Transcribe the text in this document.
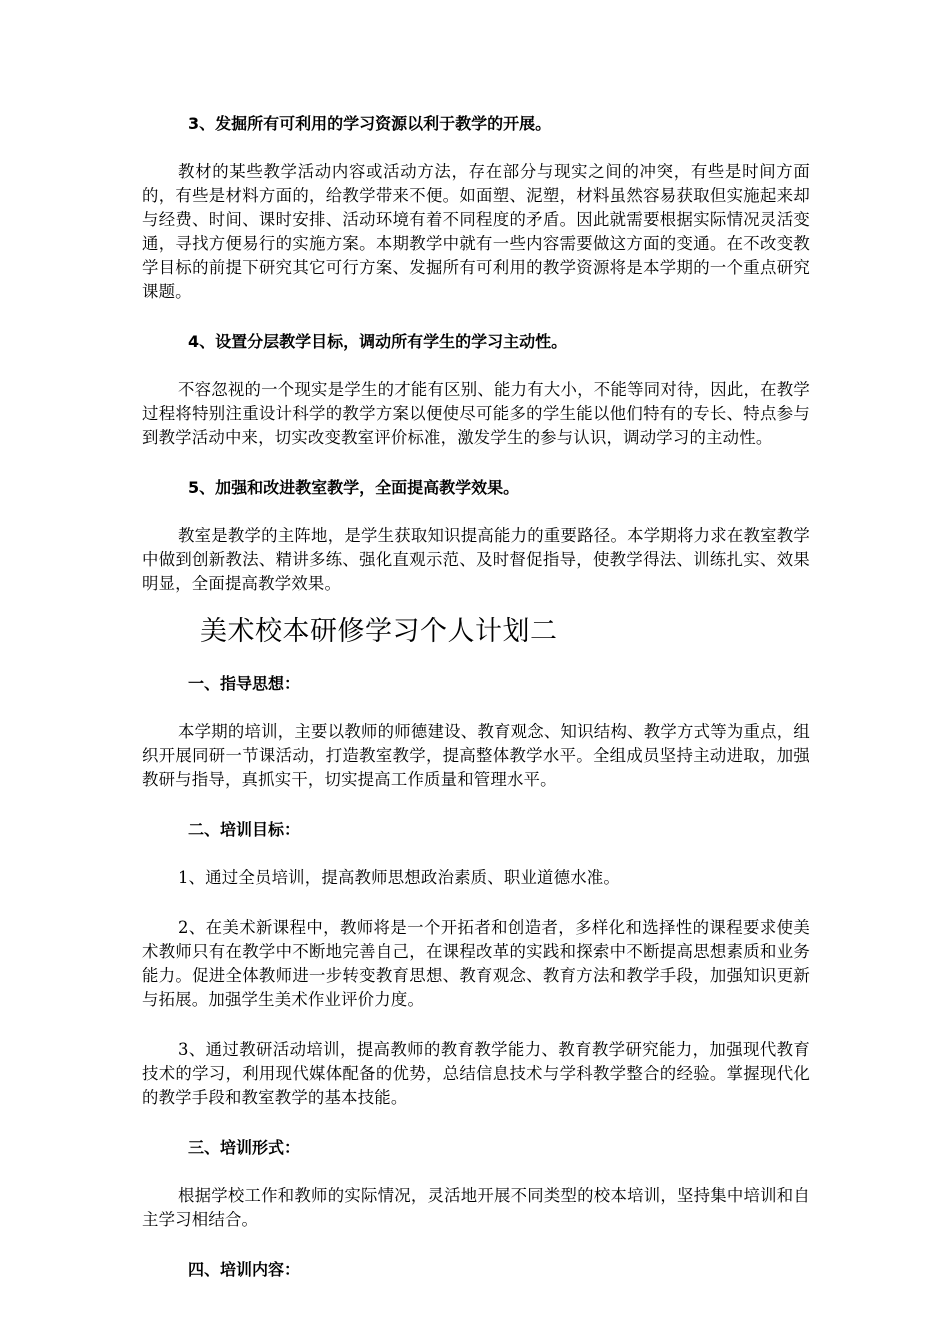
3、发掘所有可利用的学习资源以利于教学的开展。

教材的某些教学活动内容或活动方法，存在部分与现实之间的冲突，有些是时间方面的，有些是材料方面的，给教学带来不便。如面塑、泥塑，材料虽然容易获取但实施起来却与经费、时间、课时安排、活动环境有着不同程度的矛盾。因此就需要根据实际情况灵活变通，寻找方便易行的实施方案。本期教学中就有一些内容需要做这方面的变通。在不改变教学目标的前提下研究其它可行方案、发掘所有可利用的教学资源将是本学期的一个重点研究课题。

4、设置分层教学目标，调动所有学生的学习主动性。

不容忽视的一个现实是学生的才能有区别、能力有大小，不能等同对待，因此，在教学过程将特别注重设计科学的教学方案以便使尽可能多的学生能以他们特有的专长、特点参与到教学活动中来，切实改变教室评价标准，激发学生的参与认识，调动学习的主动性。

5、加强和改进教室教学，全面提高教学效果。

教室是教学的主阵地，是学生获取知识提高能力的重要路径。本学期将力求在教室教学中做到创新教法、精讲多练、强化直观示范、及时督促指导，使教学得法、训练扎实、效果明显，全面提高教学效果。

美术校本研修学习个人计划二
一、指导思想：

本学期的培训，主要以教师的师德建设、教育观念、知识结构、教学方式等为重点，组织开展同研一节课活动，打造教室教学，提高整体教学水平。全组成员坚持主动进取，加强教研与指导，真抓实干，切实提高工作质量和管理水平。

二、培训目标：

1、通过全员培训，提高教师思想政治素质、职业道德水准。

2、在美术新课程中，教师将是一个开拓者和创造者，多样化和选择性的课程要求使美术教师只有在教学中不断地完善自己，在课程改革的实践和探索中不断提高思想素质和业务能力。促进全体教师进一步转变教育思想、教育观念、教育方法和教学手段，加强知识更新与拓展。加强学生美术作业评价力度。

3、通过教研活动培训，提高教师的教育教学能力、教育教学研究能力，加强现代教育技术的学习，利用现代媒体配备的优势，总结信息技术与学科教学整合的经验。掌握现代化的教学手段和教室教学的基本技能。

三、培训形式：

根据学校工作和教师的实际情况，灵活地开展不同类型的校本培训，坚持集中培训和自主学习相结合。

四、培训内容：
